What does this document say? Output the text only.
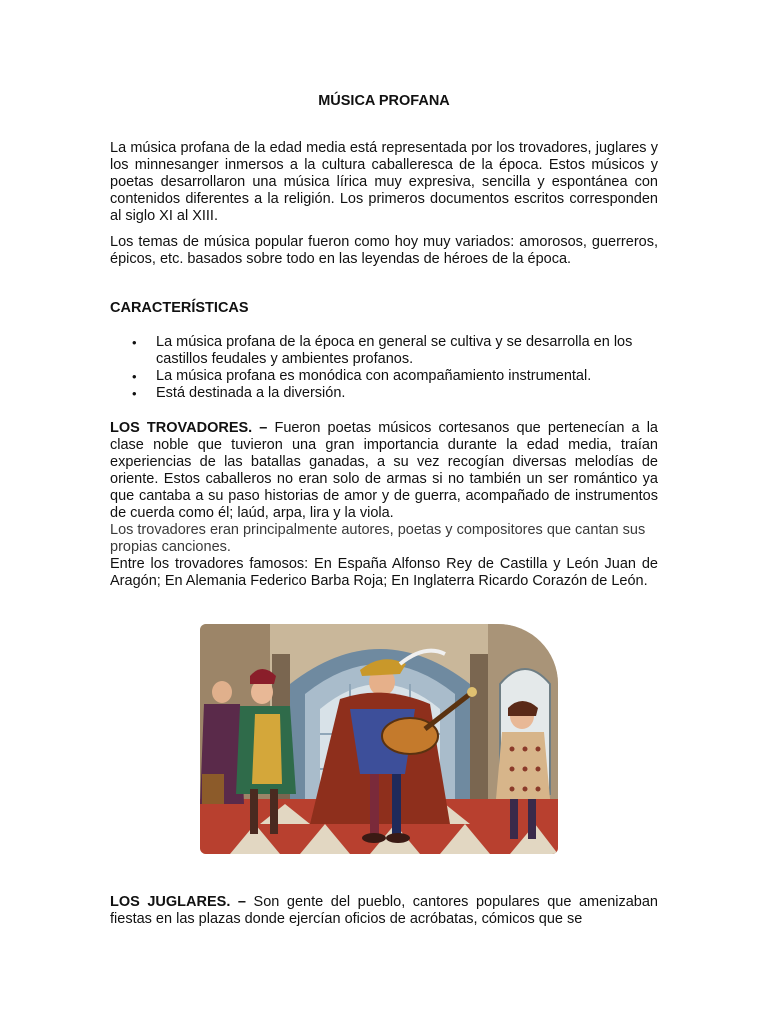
MÚSICA PROFANA

La música profana de la edad media está representada por los trovadores, juglares y los minnesanger inmersos a la cultura caballeresca de la época. Estos músicos y poetas desarrollaron una música lírica muy expresiva, sencilla y espontánea con contenidos diferentes a la religión. Los primeros documentos escritos corresponden al siglo XI al XIII.

Los temas de música popular fueron como hoy muy variados: amorosos, guerreros, épicos, etc. basados sobre todo en las leyendas de héroes de la época.

CARACTERÍSTICAS

• La música profana de la época en general se cultiva y se desarrolla en los castillos feudales y ambientes profanos.
• La música profana es monódica con acompañamiento instrumental.
• Está destinada a la diversión.

LOS TROVADORES. – Fueron poetas músicos cortesanos que pertenecían a la clase noble que tuvieron una gran importancia durante la edad media, traían experiencias de las batallas ganadas, a su vez recogían diversas melodías de oriente. Estos caballeros no eran solo de armas si no también un ser romántico ya que cantaba a su paso historias de amor y de guerra, acompañado de instrumentos de cuerda como él; laúd, arpa, lira y la viola.

Los trovadores eran principalmente autores, poetas y compositores que cantan sus propias canciones.

Entre los trovadores famosos: En España Alfonso Rey de Castilla y León Juan de Aragón; En Alemania Federico Barba Roja; En Inglaterra Ricardo Corazón de León.

LOS JUGLARES. – Son gente del pueblo, cantores populares que amenizaban fiestas en las plazas donde ejercían oficios de acróbatas, cómicos que se
